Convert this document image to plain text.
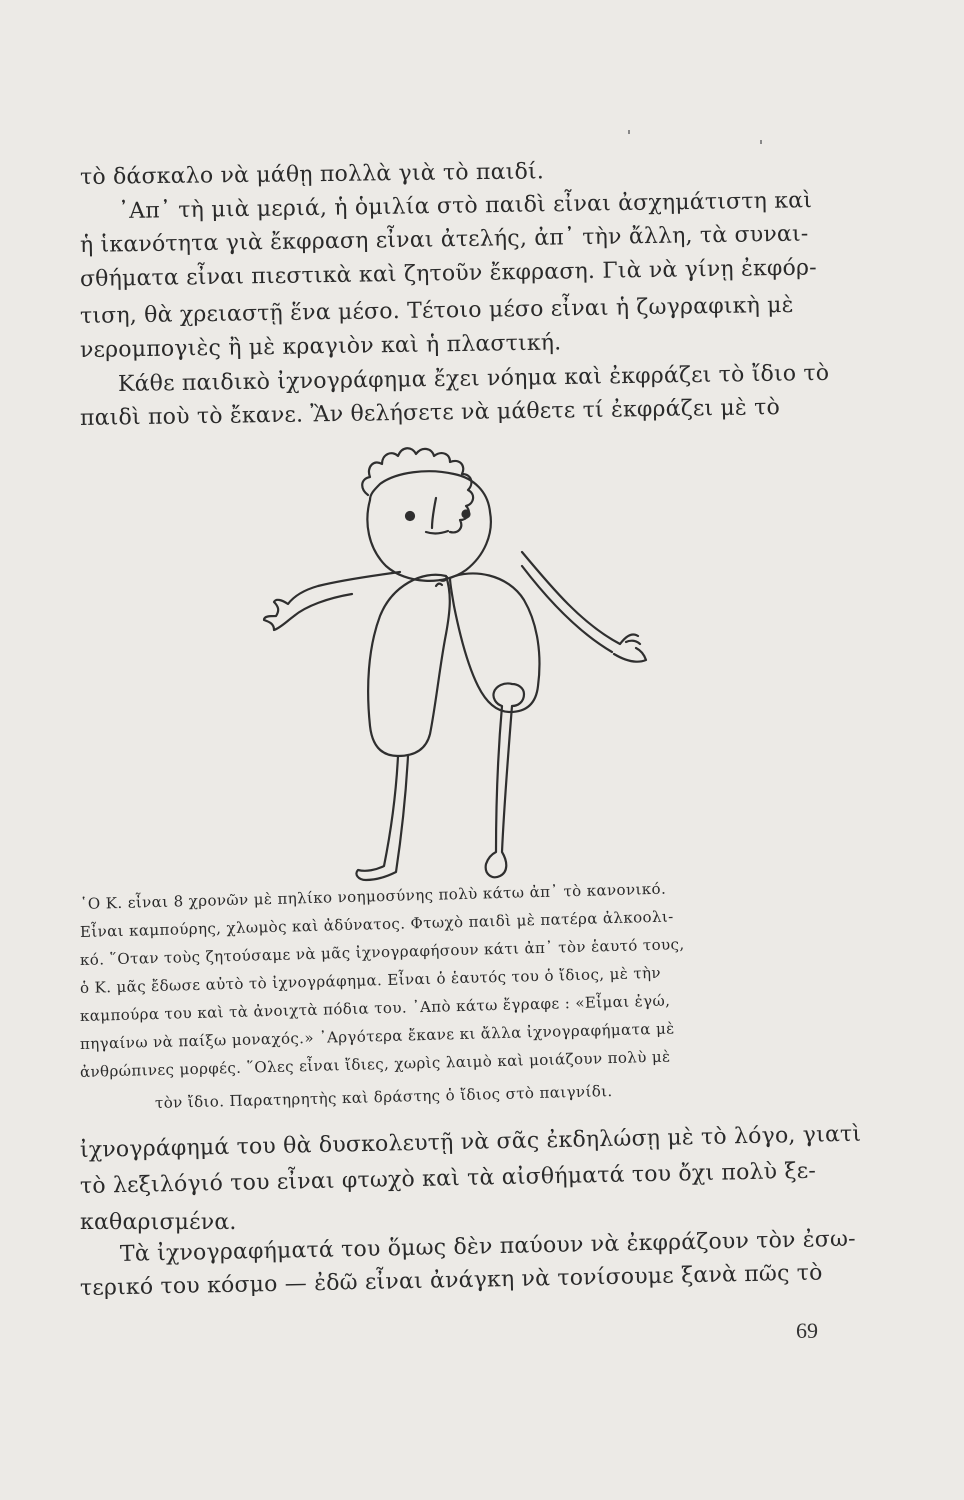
τὸ δάσκαλο νὰ μάθῃ πολλὰ γιὰ τὸ παιδί.
᾿Απ᾿ τὴ μιὰ μεριά, ἡ ὁμιλία στὸ παιδὶ εἶναι ἀσχημάτιστη καὶ
ἡ ἱκανότητα γιὰ ἔκφραση εἶναι ἀτελής, ἀπ᾿ τὴν ἄλλη, τὰ συναι-
σθήματα εἶναι πιεστικὰ καὶ ζητοῦν ἔκφραση. Γιὰ νὰ γίνῃ ἐκφόρ-
τιση, θὰ χρειαστῇ ἕνα μέσο. Τέτοιο μέσο εἶναι ἡ ζωγραφικὴ μὲ
νερομπογιὲς ἢ μὲ κραγιὸν καὶ ἡ πλαστική.
Κάθε παιδικὸ ἰχνογράφημα ἔχει νόημα καὶ ἐκφράζει τὸ ἴδιο τὸ
παιδὶ ποὺ τὸ ἔκανε. Ἂν θελήσετε νὰ μάθετε τί ἐκφράζει μὲ τὸ
῾Ο Κ. εἶναι 8 χρονῶν μὲ πηλίκο νοημοσύνης πολὺ κάτω ἀπ᾿ τὸ κανονικό.
Εἶναι καμπούρης, χλωμὸς καὶ ἀδύνατος. Φτωχὸ παιδὶ μὲ πατέρα ἀλκοολι-
κό. ῞Οταν τοὺς ζητούσαμε νὰ μᾶς ἰχνογραφήσουν κάτι ἀπ᾿ τὸν ἑαυτό τους,
ὁ Κ. μᾶς ἔδωσε αὐτὸ τὸ ἰχνογράφημα. Εἶναι ὁ ἑαυτός του ὁ ἴδιος, μὲ τὴν
καμπούρα του καὶ τὰ ἀνοιχτὰ πόδια του. ᾿Απὸ κάτω ἔγραφε : «Εἶμαι ἐγώ,
πηγαίνω νὰ παίξω μοναχός.» ᾿Αργότερα ἔκανε κι ἄλλα ἰχνογραφήματα μὲ
ἀνθρώπινες μορφές. ῞Ολες εἶναι ἴδιες, χωρὶς λαιμὸ καὶ μοιάζουν πολὺ μὲ
τὸν ἴδιο. Παρατηρητὴς καὶ δράστης ὁ ἴδιος στὸ παιγνίδι.
ἰχνογράφημά του θὰ δυσκολευτῇ νὰ σᾶς ἐκδηλώσῃ μὲ τὸ λόγο, γιατὶ
τὸ λεξιλόγιό του εἶναι φτωχὸ καὶ τὰ αἰσθήματά του ὄχι πολὺ ξε-
καθαρισμένα.
Τὰ ἰχνογραφήματά του ὅμως δὲν παύουν νὰ ἐκφράζουν τὸν ἐσω-
τερικό του κόσμο — ἐδῶ εἶναι ἀνάγκη νὰ τονίσουμε ξανὰ πῶς τὸ
69
